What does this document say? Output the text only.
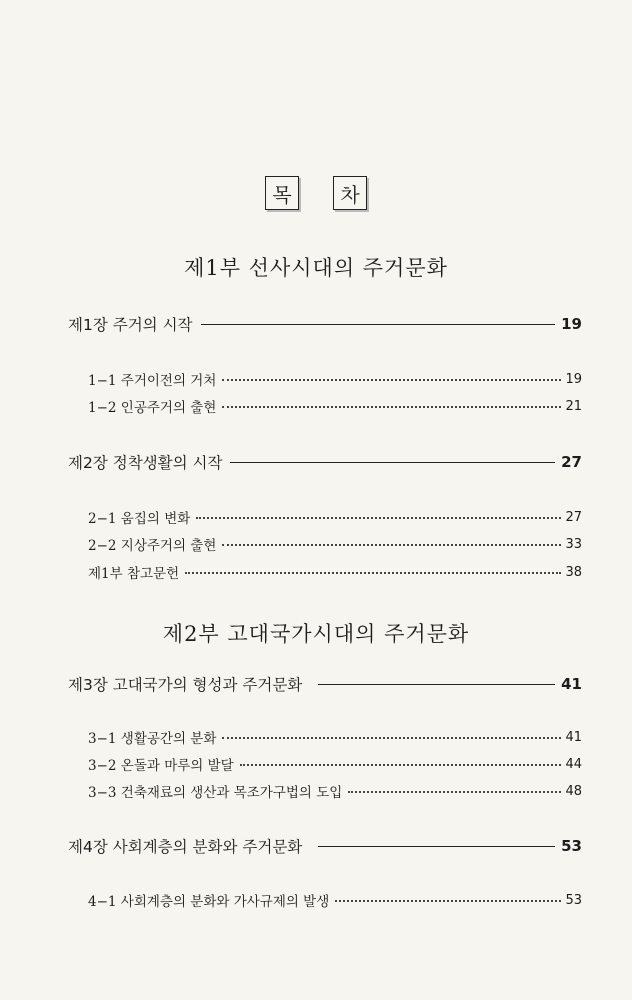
목	차
제1부 선사시대의 주거문화
제1장 주거의 시작	19
1−1 주거이전의 거처	19
1−2 인공주거의 출현	21
제2장 정착생활의 시작	27
2−1 움집의 변화	27
2−2 지상주거의 출현	33
제1부 참고문헌	38
제2부 고대국가시대의 주거문화
제3장 고대국가의 형성과 주거문화	41
3−1 생활공간의 분화	41
3−2 온돌과 마루의 발달	44
3−3 건축재료의 생산과 목조가구법의 도입	48
제4장 사회계층의 분화와 주거문화	53
4−1 사회계층의 분화와 가사규제의 발생	53
